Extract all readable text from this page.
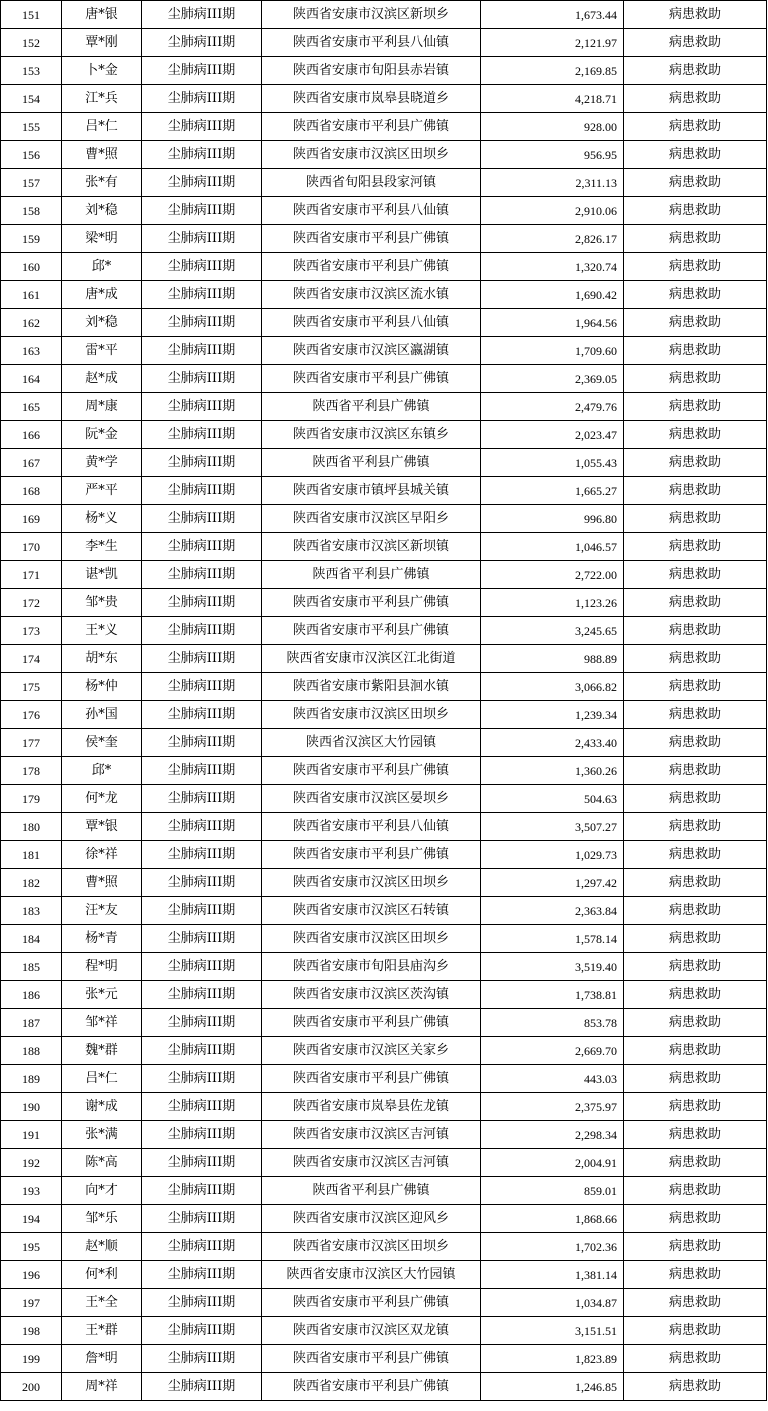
151	唐*银	尘肺病III期	陕西省安康市汉滨区新坝乡	1,673.44	病患救助
152	覃*刚	尘肺病III期	陕西省安康市平利县八仙镇	2,121.97	病患救助
153	卜*金	尘肺病III期	陕西省安康市旬阳县赤岩镇	2,169.85	病患救助
154	江*兵	尘肺病III期	陕西省安康市岚皋县晓道乡	4,218.71	病患救助
155	吕*仁	尘肺病III期	陕西省安康市平利县广佛镇	928.00	病患救助
156	曹*照	尘肺病III期	陕西省安康市汉滨区田坝乡	956.95	病患救助
157	张*有	尘肺病III期	陕西省旬阳县段家河镇	2,311.13	病患救助
158	刘*稳	尘肺病III期	陕西省安康市平利县八仙镇	2,910.06	病患救助
159	梁*明	尘肺病III期	陕西省安康市平利县广佛镇	2,826.17	病患救助
160	邱*	尘肺病III期	陕西省安康市平利县广佛镇	1,320.74	病患救助
161	唐*成	尘肺病III期	陕西省安康市汉滨区流水镇	1,690.42	病患救助
162	刘*稳	尘肺病III期	陕西省安康市平利县八仙镇	1,964.56	病患救助
163	雷*平	尘肺病III期	陕西省安康市汉滨区瀛湖镇	1,709.60	病患救助
164	赵*成	尘肺病III期	陕西省安康市平利县广佛镇	2,369.05	病患救助
165	周*康	尘肺病III期	陕西省平利县广佛镇	2,479.76	病患救助
166	阮*金	尘肺病III期	陕西省安康市汉滨区东镇乡	2,023.47	病患救助
167	黄*学	尘肺病III期	陕西省平利县广佛镇	1,055.43	病患救助
168	严*平	尘肺病III期	陕西省安康市镇坪县城关镇	1,665.27	病患救助
169	杨*义	尘肺病III期	陕西省安康市汉滨区早阳乡	996.80	病患救助
170	李*生	尘肺病III期	陕西省安康市汉滨区新坝镇	1,046.57	病患救助
171	谌*凯	尘肺病III期	陕西省平利县广佛镇	2,722.00	病患救助
172	邹*贵	尘肺病III期	陕西省安康市平利县广佛镇	1,123.26	病患救助
173	王*义	尘肺病III期	陕西省安康市平利县广佛镇	3,245.65	病患救助
174	胡*东	尘肺病III期	陕西省安康市汉滨区江北街道	988.89	病患救助
175	杨*仲	尘肺病III期	陕西省安康市紫阳县洄水镇	3,066.82	病患救助
176	孙*国	尘肺病III期	陕西省安康市汉滨区田坝乡	1,239.34	病患救助
177	侯*奎	尘肺病III期	陕西省汉滨区大竹园镇	2,433.40	病患救助
178	邱*	尘肺病III期	陕西省安康市平利县广佛镇	1,360.26	病患救助
179	何*龙	尘肺病III期	陕西省安康市汉滨区晏坝乡	504.63	病患救助
180	覃*银	尘肺病III期	陕西省安康市平利县八仙镇	3,507.27	病患救助
181	徐*祥	尘肺病III期	陕西省安康市平利县广佛镇	1,029.73	病患救助
182	曹*照	尘肺病III期	陕西省安康市汉滨区田坝乡	1,297.42	病患救助
183	汪*友	尘肺病III期	陕西省安康市汉滨区石转镇	2,363.84	病患救助
184	杨*青	尘肺病III期	陕西省安康市汉滨区田坝乡	1,578.14	病患救助
185	程*明	尘肺病III期	陕西省安康市旬阳县庙沟乡	3,519.40	病患救助
186	张*元	尘肺病III期	陕西省安康市汉滨区茨沟镇	1,738.81	病患救助
187	邹*祥	尘肺病III期	陕西省安康市平利县广佛镇	853.78	病患救助
188	魏*群	尘肺病III期	陕西省安康市汉滨区关家乡	2,669.70	病患救助
189	吕*仁	尘肺病III期	陕西省安康市平利县广佛镇	443.03	病患救助
190	谢*成	尘肺病III期	陕西省安康市岚皋县佐龙镇	2,375.97	病患救助
191	张*满	尘肺病III期	陕西省安康市汉滨区吉河镇	2,298.34	病患救助
192	陈*高	尘肺病III期	陕西省安康市汉滨区吉河镇	2,004.91	病患救助
193	向*才	尘肺病III期	陕西省平利县广佛镇	859.01	病患救助
194	邹*乐	尘肺病III期	陕西省安康市汉滨区迎风乡	1,868.66	病患救助
195	赵*顺	尘肺病III期	陕西省安康市汉滨区田坝乡	1,702.36	病患救助
196	何*利	尘肺病III期	陕西省安康市汉滨区大竹园镇	1,381.14	病患救助
197	王*全	尘肺病III期	陕西省安康市平利县广佛镇	1,034.87	病患救助
198	王*群	尘肺病III期	陕西省安康市汉滨区双龙镇	3,151.51	病患救助
199	詹*明	尘肺病III期	陕西省安康市平利县广佛镇	1,823.89	病患救助
200	周*祥	尘肺病III期	陕西省安康市平利县广佛镇	1,246.85	病患救助
